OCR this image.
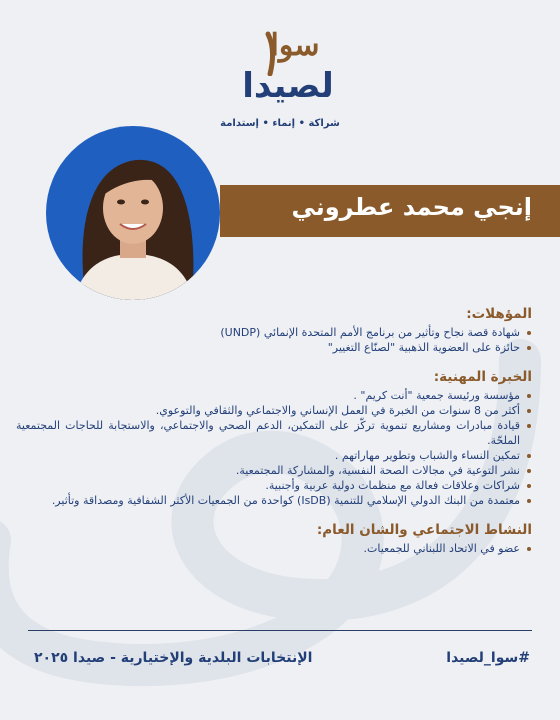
سوا
لصيدا
شراكة • إنماء • إستدامة
إنجي محمد عطروني
المؤهلات:
شهادة قصة نجاح وتأثير من برنامج الأمم المتحدة الإنمائي (UNDP)
حائزة على العضوية الذهبية "لصنّاع التغيير"
الخبرة المهنية:
مؤسسة ورئيسة جمعية "أنت كريم" .
أكثر من 8 سنوات من الخبرة في العمل الإنساني والاجتماعي والثقافي والتوعوي.
قيادة مبادرات ومشاريع تنموية تركّز على التمكين، الدعم الصحي والاجتماعي، والاستجابة للحاجات المجتمعية الملحّة.
تمكين النساء والشباب وتطوير مهاراتهم .
نشر التوعية في مجالات الصحة النفسية، والمشاركة المجتمعية.
شراكات وعلاقات فعالة مع منظمات دولية عربية وأجنبية.
معتمدة من البنك الدولي الإسلامي للتنمية (IsDB) كواحدة من الجمعيات الأكثر الشفافية ومصداقة وتأثير.
النشاط الاجتماعي والشان العام:
عضو في الاتحاد اللبناني للجمعيات.
الإنتخابات البلدية والإختيارية - صيدا ٢٠٢٥	#سوا_لصيدا
